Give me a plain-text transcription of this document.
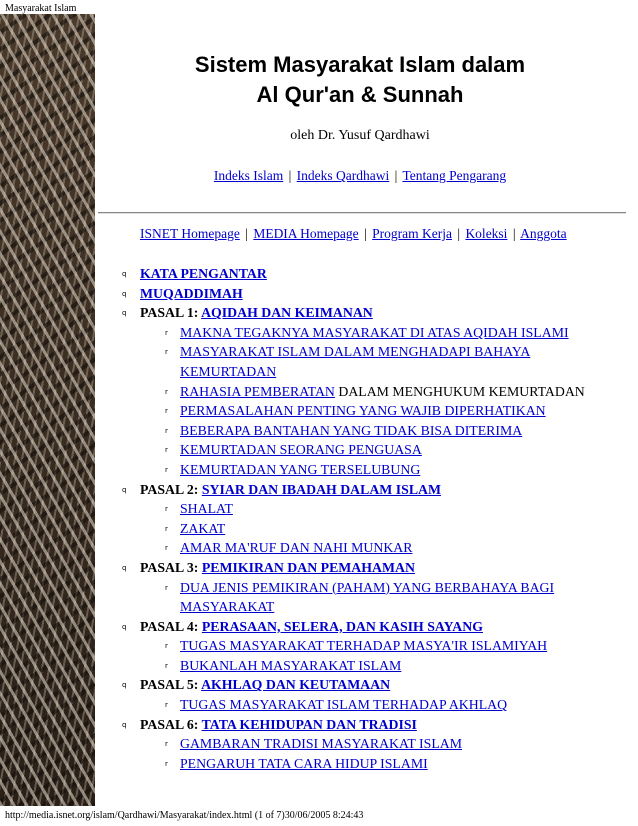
Masyarakat Islam
Sistem Masyarakat Islam dalam
Al Qur'an & Sunnah
oleh Dr. Yusuf Qardhawi
Indeks Islam | Indeks Qardhawi | Tentang Pengarang
ISNET Homepage | MEDIA Homepage | Program Kerja | Koleksi | Anggota
q KATA PENGANTAR
q MUQADDIMAH
q PASAL 1: AQIDAH DAN KEIMANAN
r MAKNA TEGAKNYA MASYARAKAT DI ATAS AQIDAH ISLAMI
r MASYARAKAT ISLAM DALAM MENGHADAPI BAHAYA
KEMURTADAN
r RAHASIA PEMBERATAN DALAM MENGHUKUM KEMURTADAN
r PERMASALAHAN PENTING YANG WAJIB DIPERHATIKAN
r BEBERAPA BANTAHAN YANG TIDAK BISA DITERIMA
r KEMURTADAN SEORANG PENGUASA
r KEMURTADAN YANG TERSELUBUNG
q PASAL 2: SYIAR DAN IBADAH DALAM ISLAM
r SHALAT
r ZAKAT
r AMAR MA'RUF DAN NAHI MUNKAR
q PASAL 3: PEMIKIRAN DAN PEMAHAMAN
r DUA JENIS PEMIKIRAN (PAHAM) YANG BERBAHAYA BAGI
MASYARAKAT
q PASAL 4: PERASAAN, SELERA, DAN KASIH SAYANG
r TUGAS MASYARAKAT TERHADAP MASYA'IR ISLAMIYAH
r BUKANLAH MASYARAKAT ISLAM
q PASAL 5: AKHLAQ DAN KEUTAMAAN
r TUGAS MASYARAKAT ISLAM TERHADAP AKHLAQ
q PASAL 6: TATA KEHIDUPAN DAN TRADISI
r GAMBARAN TRADISI MASYARAKAT ISLAM
r PENGARUH TATA CARA HIDUP ISLAMI
http://media.isnet.org/islam/Qardhawi/Masyarakat/index.html (1 of 7)30/06/2005 8:24:43
